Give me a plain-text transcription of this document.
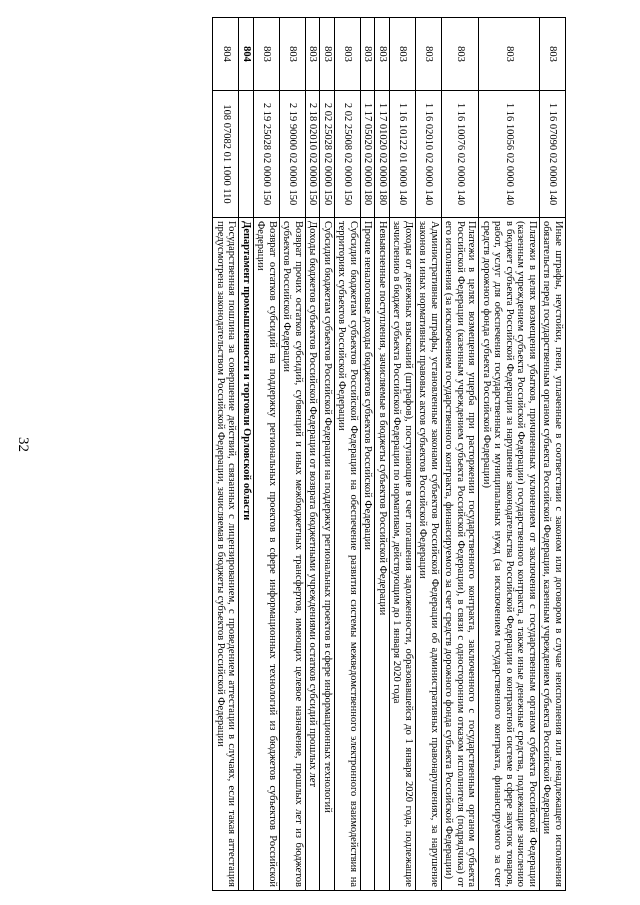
32
803	1 16 07090 02 0000 140	Иные штрафы, неустойки, пени, уплаченные в соответствии с законом или договором в случае неисполнения или ненадлежащего исполнения обязательств перед государственным органом субъекта Российской Федерации, казенным учреждением субъекта Российской Федерации
803	1 16 10056 02 0000 140	Платежи в целях возмещения убытков, причиненных уклонением от заключения с государственным органом субъекта Российской Федерации (казенным учреждением субъекта Российской Федерации) государственного контракта, а также иные денежные средства, подлежащие зачислению в бюджет субъекта Российской Федерации за нарушение законодательства Российской Федерации о контрактной системе в сфере закупок товаров, работ, услуг для обеспечения государственных и муниципальных нужд (за исключением государственного контракта, финансируемого за счет средств дорожного фонда субъекта Российской Федерации)
803	1 16 10076 02 0000 140	Платежи в целях возмещения ущерба при расторжении государственного контракта, заключенного с государственным органом субъекта Российской Федерации (казенным учреждением субъекта Российской Федерации), в связи с односторонним отказом исполнителя (подрядчика) от его исполнения (за исключением государственного контракта, финансируемого за счет средств дорожного фонда субъекта Российской Федерации)
803	1 16 02010 02 0000 140	Административные штрафы, установленные законами субъектов Российской Федерации об административных правонарушениях, за нарушение законов и иных нормативных правовых актов субъектов Российской Федерации
803	1 16 10122 01 0000 140	Доходы от денежных взысканий (штрафов), поступающие в счет погашения задолженности, образовавшейся до 1 января 2020 года, подлежащие зачислению в бюджет субъекта Российской Федерации по нормативам, действующим до 1 января 2020 года
803	1 17 01020 02 0000 180	Невыясненные поступления, зачисляемые в бюджеты субъектов Российской Федерации
803	1 17 05020 02 0000 180	Прочие неналоговые доходы бюджетов субъектов Российской Федерации
803	2 02 25008 02 0000 150	Субсидии бюджетам субъектов Российской Федерации на обеспечение развития системы межведомственного электронного взаимодействия на территориях субъектов Российской Федерации
803	2 02 25028 02 0000 150	Субсидии бюджетам субъектов Российской Федерации на поддержку региональных проектов в сфере информационных технологий
803	2 18 02010 02 0000 150	Доходы бюджетов субъектов Российской Федерации от возврата бюджетными учреждениями остатков субсидий прошлых лет
803	2 19 90000 02 0000 150	Возврат прочих остатков субсидий, субвенций и иных межбюджетных трансфертов, имеющих целевое назначение, прошлых лет из бюджетов субъектов Российской Федерации
803	2 19 25028 02 0000 150	Возврат остатков субсидий на поддержку региональных проектов в сфере информационных технологий из бюджетов субъектов Российской Федерации
804		Департамент промышленности и торговли Орловской области
804	108 07082 01 1000 110	Государственная пошлина за совершение действий, связанных с лицензированием, с проведением аттестации в случаях, если такая аттестация предусмотрена законодательством Российской Федерации, зачисляемая в бюджеты субъектов Российской Федерации
